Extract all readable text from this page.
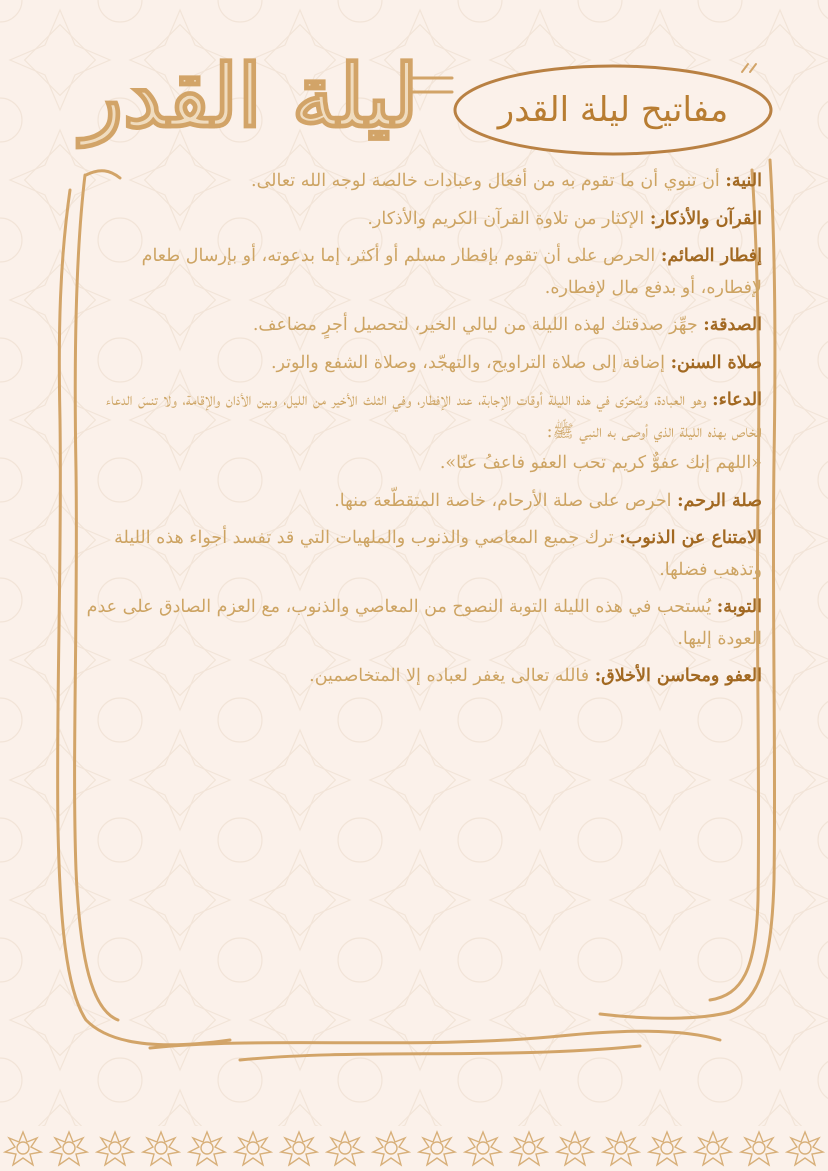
مفاتيح ليلة القدر
ليلة القدر
النية: أن تنوي أن ما تقوم به من أفعال وعبادات خالصة لوجه الله تعالى.
القرآن والأذكار: الإكثار من تلاوة القرآن الكريم والأذكار.
إفطار الصائم: الحرص على أن تقوم بإفطار مسلم أو أكثر، إما بدعوته، أو بإرسال طعام لإفطاره، أو بدفع مال لإفطاره.
الصدقة: جهِّز صدقتك لهذه الليلة من ليالي الخير، لتحصيل أجرٍ مضاعف.
صلاة السنن: إضافة إلى صلاة التراويح، والتهجّد، وصلاة الشفع والوتر.
الدعاء: وهو العبادة، ويُتحرّى في هذه الليلة أوقات الإجابة، عند الإفطار، وفي الثلث الأخير من الليل، وبين الأذان والإقامة، ولا تنسَ الدعاء الخاص بهذه الليلة الذي أوصى به النبي ﷺ:
«اللهم إنك عفوٌّ كريم تحب العفو فاعفُ عنّا».
صلة الرحم: احرص على صلة الأرحام، خاصة المتقطّعة منها.
الامتناع عن الذنوب: ترك جميع المعاصي والذنوب والملهيات التي قد تفسد أجواء هذه الليلة وتذهب فضلها.
التوبة: يُستحب في هذه الليلة التوبة النصوح من المعاصي والذنوب، مع العزم الصادق على عدم العودة إليها.
العفو ومحاسن الأخلاق: فالله تعالى يغفر لعباده إلا المتخاصمين.
